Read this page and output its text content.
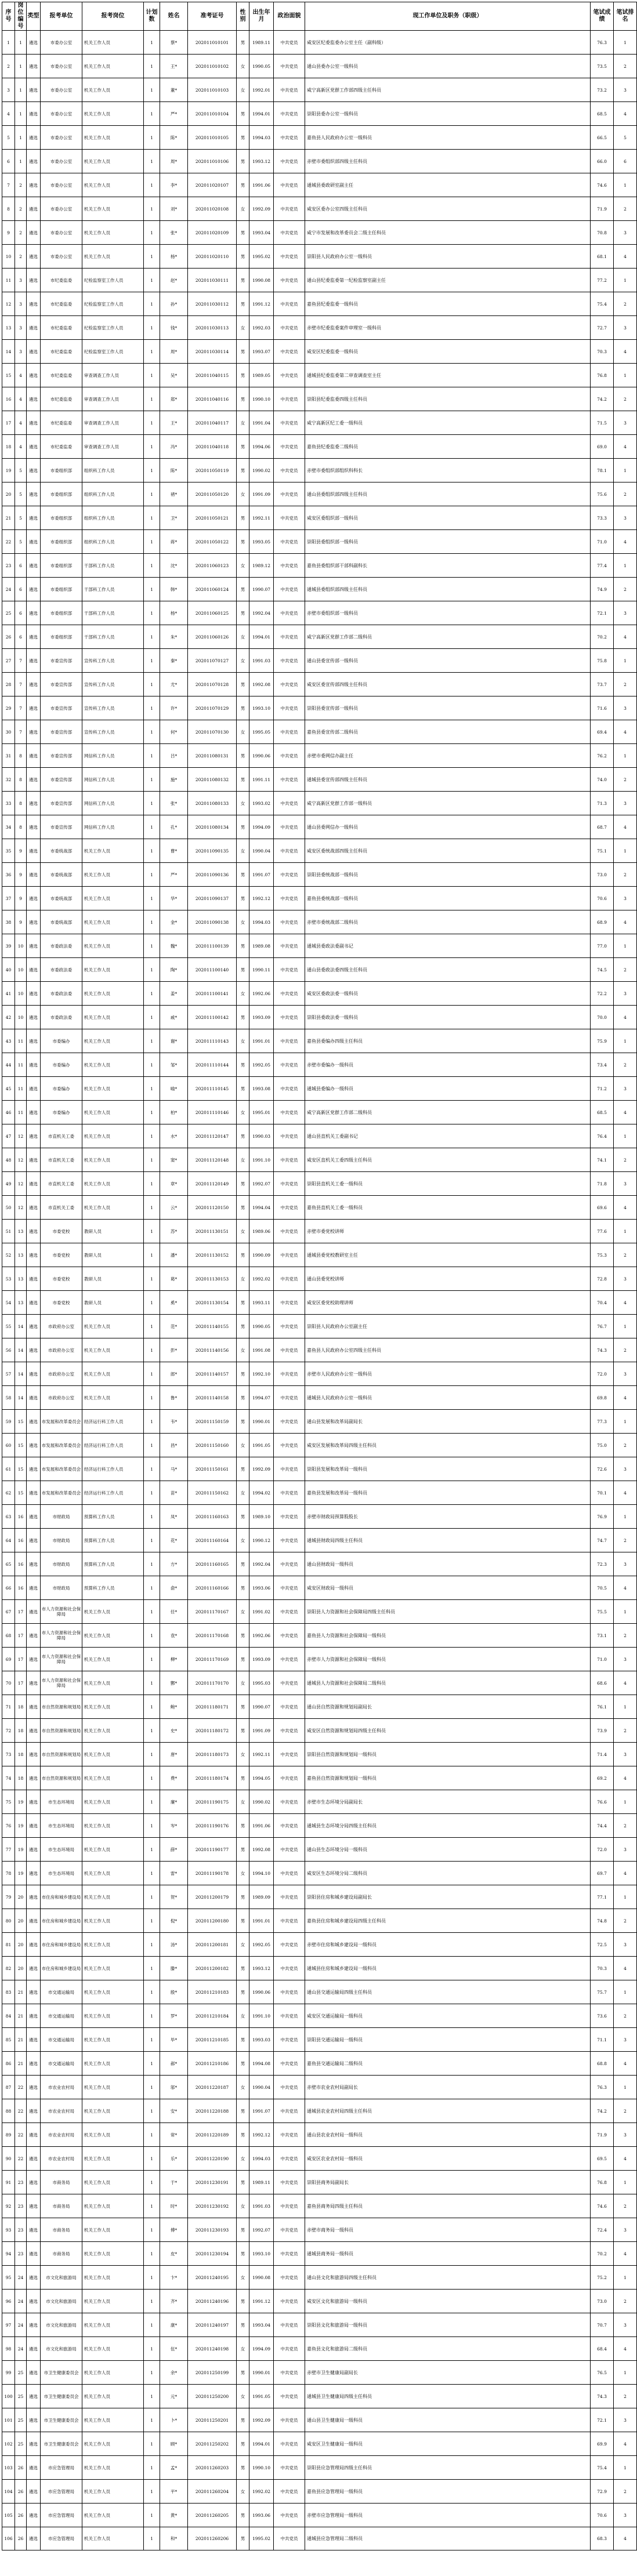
序号	岗位编号	类型	报考单位	报考岗位	计划数	姓名	准考证号	性别	出生年月	政治面貌	现工作单位及职务（职级）	笔试成绩	笔试排名
1	1	遴选	市委办公室	机关工作人员	1	蔡*	202011010101	男	1989.11	中共党员	咸安区纪委监委办公室主任（副科级）	76.3	1
2	1	遴选	市委办公室	机关工作人员	1	王*	202011010102	女	1990.05	中共党员	通山县委办公室一级科员	73.5	2
3	1	遴选	市委办公室	机关工作人员	1	董*	202011010103	女	1992.01	中共党员	咸宁高新区党群工作部四级主任科员	73.2	3
4	1	遴选	市委办公室	机关工作人员	1	严*	202011010104	男	1994.01	中共党员	崇阳县委办公室一级科员	68.5	4
5	1	遴选	市委办公室	机关工作人员	1	陈*	202011010105	男	1994.03	中共党员	嘉鱼县人民政府办公室一级科员	66.5	5
6	1	遴选	市委办公室	机关工作人员	1	周*	202011010106	男	1993.12	中共党员	赤壁市委组织部四级主任科员	66.0	6
7	2	遴选	市委办公室	机关工作人员	1	李*	202011020107	男	1991.06	中共党员	通城县委政研室副主任	74.6	1
8	2	遴选	市委办公室	机关工作人员	1	刘*	202011020108	女	1992.09	中共党员	咸安区委办公室四级主任科员	71.9	2
9	2	遴选	市委办公室	机关工作人员	1	张*	202011020109	男	1993.04	中共党员	咸宁市发展和改革委员会二级主任科员	70.8	3
10	2	遴选	市委办公室	机关工作人员	1	杨*	202011020110	男	1995.02	中共党员	崇阳县人民政府办公室一级科员	68.1	4
11	3	遴选	市纪委监委	纪检监察室工作人员	1	赵*	202011030111	男	1990.08	中共党员	通山县纪委监委第一纪检监察室副主任	77.2	1
12	3	遴选	市纪委监委	纪检监察室工作人员	1	孙*	202011030112	男	1991.12	中共党员	嘉鱼县纪委监委一级科员	75.4	2
13	3	遴选	市纪委监委	纪检监察室工作人员	1	钱*	202011030113	女	1992.03	中共党员	赤壁市纪委监委案件审理室一级科员	72.7	3
14	3	遴选	市纪委监委	纪检监察室工作人员	1	周*	202011030114	男	1993.07	中共党员	咸安区纪委监委一级科员	70.3	4
15	4	遴选	市纪委监委	审查调查工作人员	1	吴*	202011040115	男	1989.05	中共党员	通城县纪委监委第二审查调查室主任	76.8	1
16	4	遴选	市纪委监委	审查调查工作人员	1	郑*	202011040116	男	1990.10	中共党员	崇阳县纪委监委四级主任科员	74.2	2
17	4	遴选	市纪委监委	审查调查工作人员	1	王*	202011040117	女	1991.04	中共党员	咸宁高新区纪工委一级科员	71.5	3
18	4	遴选	市纪委监委	审查调查工作人员	1	冯*	202011040118	男	1994.06	中共党员	嘉鱼县纪委监委二级科员	69.0	4
19	5	遴选	市委组织部	组织科工作人员	1	陈*	202011050119	男	1990.02	中共党员	赤壁市委组织部组织科科长	78.1	1
20	5	遴选	市委组织部	组织科工作人员	1	褚*	202011050120	女	1991.09	中共党员	通山县委组织部四级主任科员	75.6	2
21	5	遴选	市委组织部	组织科工作人员	1	卫*	202011050121	男	1992.11	中共党员	咸安区委组织部一级科员	73.3	3
22	5	遴选	市委组织部	组织科工作人员	1	蒋*	202011050122	男	1993.05	中共党员	崇阳县委组织部一级科员	71.0	4
23	6	遴选	市委组织部	干部科工作人员	1	沈*	202011060123	女	1989.12	中共党员	嘉鱼县委组织部干部科副科长	77.4	1
24	6	遴选	市委组织部	干部科工作人员	1	韩*	202011060124	男	1990.07	中共党员	通城县委组织部四级主任科员	74.9	2
25	6	遴选	市委组织部	干部科工作人员	1	杨*	202011060125	男	1992.04	中共党员	赤壁市委组织部一级科员	72.1	3
26	6	遴选	市委组织部	干部科工作人员	1	朱*	202011060126	女	1994.01	中共党员	咸宁高新区党群工作部二级科员	70.2	4
27	7	遴选	市委宣传部	宣传科工作人员	1	秦*	202011070127	女	1991.03	中共党员	通山县委宣传部一级科员	75.8	1
28	7	遴选	市委宣传部	宣传科工作人员	1	尤*	202011070128	男	1992.08	中共党员	咸安区委宣传部四级主任科员	73.7	2
29	7	遴选	市委宣传部	宣传科工作人员	1	许*	202011070129	男	1993.10	中共党员	崇阳县委宣传部一级科员	71.6	3
30	7	遴选	市委宣传部	宣传科工作人员	1	何*	202011070130	女	1995.05	中共党员	嘉鱼县委宣传部二级科员	69.4	4
31	8	遴选	市委宣传部	网信科工作人员	1	吕*	202011080131	男	1990.06	中共党员	赤壁市委网信办副主任	76.2	1
32	8	遴选	市委宣传部	网信科工作人员	1	施*	202011080132	男	1991.11	中共党员	通城县委宣传部四级主任科员	74.0	2
33	8	遴选	市委宣传部	网信科工作人员	1	张*	202011080133	女	1993.02	中共党员	咸宁高新区党群工作部一级科员	71.3	3
34	8	遴选	市委宣传部	网信科工作人员	1	孔*	202011080134	男	1994.09	中共党员	通山县委网信办一级科员	68.7	4
35	9	遴选	市委统战部	机关工作人员	1	曹*	202011090135	女	1990.04	中共党员	咸安区委统战部四级主任科员	75.1	1
36	9	遴选	市委统战部	机关工作人员	1	严*	202011090136	男	1991.07	中共党员	崇阳县委统战部一级科员	73.0	2
37	9	遴选	市委统战部	机关工作人员	1	华*	202011090137	男	1992.12	中共党员	嘉鱼县委统战部一级科员	70.6	3
38	9	遴选	市委统战部	机关工作人员	1	金*	202011090138	女	1994.03	中共党员	赤壁市委统战部二级科员	68.9	4
39	10	遴选	市委政法委	机关工作人员	1	魏*	202011100139	男	1989.08	中共党员	通城县委政法委副书记	77.0	1
40	10	遴选	市委政法委	机关工作人员	1	陶*	202011100140	男	1990.11	中共党员	通山县委政法委四级主任科员	74.5	2
41	10	遴选	市委政法委	机关工作人员	1	姜*	202011100141	女	1992.06	中共党员	咸安区委政法委一级科员	72.2	3
42	10	遴选	市委政法委	机关工作人员	1	戚*	202011100142	男	1993.09	中共党员	崇阳县委政法委一级科员	70.0	4
43	11	遴选	市委编办	机关工作人员	1	谢*	202011110143	女	1991.01	中共党员	嘉鱼县委编办四级主任科员	75.9	1
44	11	遴选	市委编办	机关工作人员	1	邹*	202011110144	男	1992.05	中共党员	赤壁市委编办一级科员	73.4	2
45	11	遴选	市委编办	机关工作人员	1	喻*	202011110145	男	1993.08	中共党员	通城县委编办一级科员	71.2	3
46	11	遴选	市委编办	机关工作人员	1	柏*	202011110146	女	1995.01	中共党员	咸宁高新区党群工作部二级科员	68.5	4
47	12	遴选	市直机关工委	机关工作人员	1	水*	202011120147	男	1990.03	中共党员	通山县直机关工委副书记	76.4	1
48	12	遴选	市直机关工委	机关工作人员	1	窦*	202011120148	女	1991.10	中共党员	咸安区直机关工委四级主任科员	74.1	2
49	12	遴选	市直机关工委	机关工作人员	1	章*	202011120149	男	1992.07	中共党员	崇阳县直机关工委一级科员	71.8	3
50	12	遴选	市直机关工委	机关工作人员	1	云*	202011120150	男	1994.04	中共党员	嘉鱼县直机关工委一级科员	69.6	4
51	13	遴选	市委党校	教研人员	1	苏*	202011130151	女	1989.06	中共党员	赤壁市委党校讲师	77.6	1
52	13	遴选	市委党校	教研人员	1	潘*	202011130152	男	1990.09	中共党员	通城县委党校教研室主任	75.3	2
53	13	遴选	市委党校	教研人员	1	葛*	202011130153	女	1992.02	中共党员	通山县委党校讲师	72.8	3
54	13	遴选	市委党校	教研人员	1	奚*	202011130154	男	1993.11	中共党员	咸安区委党校助理讲师	70.4	4
55	14	遴选	市政府办公室	机关工作人员	1	范*	202011140155	男	1990.05	中共党员	崇阳县人民政府办公室副主任	76.7	1
56	14	遴选	市政府办公室	机关工作人员	1	彭*	202011140156	女	1991.08	中共党员	嘉鱼县人民政府办公室四级主任科员	74.3	2
57	14	遴选	市政府办公室	机关工作人员	1	郎*	202011140157	男	1992.10	中共党员	赤壁市人民政府办公室一级科员	72.0	3
58	14	遴选	市政府办公室	机关工作人员	1	鲁*	202011140158	男	1994.07	中共党员	通城县人民政府办公室一级科员	69.8	4
59	15	遴选	市发展和改革委员会	经济运行科工作人员	1	韦*	202011150159	男	1990.01	中共党员	通山县发展和改革局副局长	77.3	1
60	15	遴选	市发展和改革委员会	经济运行科工作人员	1	昌*	202011150160	女	1991.05	中共党员	咸安区发展和改革局四级主任科员	75.0	2
61	15	遴选	市发展和改革委员会	经济运行科工作人员	1	马*	202011150161	男	1992.09	中共党员	崇阳县发展和改革局一级科员	72.6	3
62	15	遴选	市发展和改革委员会	经济运行科工作人员	1	苗*	202011150162	女	1994.02	中共党员	嘉鱼县发展和改革局一级科员	70.1	4
63	16	遴选	市财政局	预算科工作人员	1	凤*	202011160163	男	1989.10	中共党员	赤壁市财政局预算股股长	76.9	1
64	16	遴选	市财政局	预算科工作人员	1	花*	202011160164	女	1990.12	中共党员	通城县财政局四级主任科员	74.7	2
65	16	遴选	市财政局	预算科工作人员	1	方*	202011160165	男	1992.04	中共党员	通山县财政局一级科员	72.3	3
66	16	遴选	市财政局	预算科工作人员	1	俞*	202011160166	男	1993.06	中共党员	咸安区财政局一级科员	70.5	4
67	17	遴选	市人力资源和社会保障局	机关工作人员	1	任*	202011170167	女	1991.02	中共党员	崇阳县人力资源和社会保障局四级主任科员	75.5	1
68	17	遴选	市人力资源和社会保障局	机关工作人员	1	袁*	202011170168	男	1992.06	中共党员	嘉鱼县人力资源和社会保障局一级科员	73.1	2
69	17	遴选	市人力资源和社会保障局	机关工作人员	1	柳*	202011170169	男	1993.09	中共党员	赤壁市人力资源和社会保障局一级科员	71.0	3
70	17	遴选	市人力资源和社会保障局	机关工作人员	1	酆*	202011170170	女	1995.03	中共党员	通城县人力资源和社会保障局二级科员	68.6	4
71	18	遴选	市自然资源和规划局	机关工作人员	1	鲍*	202011180171	男	1990.07	中共党员	通山县自然资源和规划局副局长	76.1	1
72	18	遴选	市自然资源和规划局	机关工作人员	1	史*	202011180172	男	1991.09	中共党员	咸安区自然资源和规划局四级主任科员	73.9	2
73	18	遴选	市自然资源和规划局	机关工作人员	1	唐*	202011180173	女	1992.11	中共党员	崇阳县自然资源和规划局一级科员	71.4	3
74	18	遴选	市自然资源和规划局	机关工作人员	1	费*	202011180174	男	1994.05	中共党员	嘉鱼县自然资源和规划局一级科员	69.2	4
75	19	遴选	市生态环境局	机关工作人员	1	廉*	202011190175	女	1990.02	中共党员	赤壁市生态环境分局副局长	76.6	1
76	19	遴选	市生态环境局	机关工作人员	1	岑*	202011190176	男	1991.06	中共党员	通城县生态环境分局四级主任科员	74.4	2
77	19	遴选	市生态环境局	机关工作人员	1	薛*	202011190177	男	1992.08	中共党员	通山县生态环境分局一级科员	72.0	3
78	19	遴选	市生态环境局	机关工作人员	1	雷*	202011190178	女	1994.10	中共党员	咸安区生态环境分局二级科员	69.7	4
79	20	遴选	市住房和城乡建设局	机关工作人员	1	贺*	202011200179	男	1989.09	中共党员	崇阳县住房和城乡建设局副局长	77.1	1
80	20	遴选	市住房和城乡建设局	机关工作人员	1	倪*	202011200180	男	1991.01	中共党员	嘉鱼县住房和城乡建设局四级主任科员	74.8	2
81	20	遴选	市住房和城乡建设局	机关工作人员	1	汤*	202011200181	女	1992.05	中共党员	赤壁市住房和城乡建设局一级科员	72.5	3
82	20	遴选	市住房和城乡建设局	机关工作人员	1	滕*	202011200182	男	1993.12	中共党员	通城县住房和城乡建设局一级科员	70.3	4
83	21	遴选	市交通运输局	机关工作人员	1	殷*	202011210183	男	1990.06	中共党员	通山县交通运输局四级主任科员	75.7	1
84	21	遴选	市交通运输局	机关工作人员	1	罗*	202011210184	女	1991.10	中共党员	咸安区交通运输局一级科员	73.6	2
85	21	遴选	市交通运输局	机关工作人员	1	毕*	202011210185	男	1993.03	中共党员	崇阳县交通运输局一级科员	71.1	3
86	21	遴选	市交通运输局	机关工作人员	1	郝*	202011210186	男	1994.08	中共党员	嘉鱼县交通运输局二级科员	68.8	4
87	22	遴选	市农业农村局	机关工作人员	1	邬*	202011220187	女	1990.04	中共党员	赤壁市农业农村局副局长	76.3	1
88	22	遴选	市农业农村局	机关工作人员	1	安*	202011220188	男	1991.07	中共党员	通城县农业农村局四级主任科员	74.2	2
89	22	遴选	市农业农村局	机关工作人员	1	常*	202011220189	男	1992.12	中共党员	通山县农业农村局一级科员	71.9	3
90	22	遴选	市农业农村局	机关工作人员	1	乐*	202011220190	女	1994.03	中共党员	咸安区农业农村局一级科员	69.5	4
91	23	遴选	市商务局	机关工作人员	1	于*	202011230191	男	1989.11	中共党员	崇阳县商务局副局长	76.8	1
92	23	遴选	市商务局	机关工作人员	1	时*	202011230192	女	1991.03	中共党员	嘉鱼县商务局四级主任科员	74.6	2
93	23	遴选	市商务局	机关工作人员	1	傅*	202011230193	男	1992.07	中共党员	赤壁市商务局一级科员	72.4	3
94	23	遴选	市商务局	机关工作人员	1	皮*	202011230194	男	1993.10	中共党员	通城县商务局一级科员	70.2	4
95	24	遴选	市文化和旅游局	机关工作人员	1	卞*	202011240195	女	1990.08	中共党员	通山县文化和旅游局四级主任科员	75.2	1
96	24	遴选	市文化和旅游局	机关工作人员	1	齐*	202011240196	男	1991.12	中共党员	咸安区文化和旅游局一级科员	73.0	2
97	24	遴选	市文化和旅游局	机关工作人员	1	康*	202011240197	男	1993.04	中共党员	崇阳县文化和旅游局一级科员	70.7	3
98	24	遴选	市文化和旅游局	机关工作人员	1	伍*	202011240198	女	1994.09	中共党员	嘉鱼县文化和旅游局二级科员	68.4	4
99	25	遴选	市卫生健康委员会	机关工作人员	1	余*	202011250199	男	1990.01	中共党员	赤壁市卫生健康局副局长	76.5	1
100	25	遴选	市卫生健康委员会	机关工作人员	1	元*	202011250200	女	1991.05	中共党员	通城县卫生健康局四级主任科员	74.3	2
101	25	遴选	市卫生健康委员会	机关工作人员	1	卜*	202011250201	男	1992.09	中共党员	通山县卫生健康局一级科员	72.1	3
102	25	遴选	市卫生健康委员会	机关工作人员	1	顾*	202011250202	男	1994.01	中共党员	咸安区卫生健康局一级科员	69.9	4
103	26	遴选	市应急管理局	机关工作人员	1	孟*	202011260203	男	1990.10	中共党员	崇阳县应急管理局四级主任科员	75.4	1
104	26	遴选	市应急管理局	机关工作人员	1	平*	202011260204	女	1992.02	中共党员	嘉鱼县应急管理局一级科员	72.9	2
105	26	遴选	市应急管理局	机关工作人员	1	黄*	202011260205	男	1993.06	中共党员	赤壁市应急管理局一级科员	70.6	3
106	26	遴选	市应急管理局	机关工作人员	1	和*	202011260206	男	1995.02	中共党员	通城县应急管理局二级科员	68.3	4
